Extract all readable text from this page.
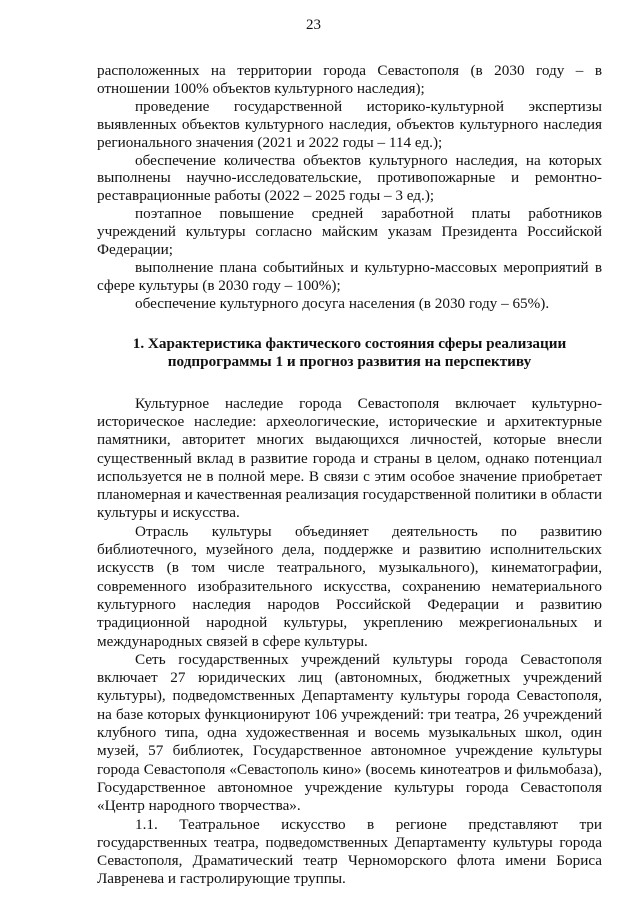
23

расположенных на территории города Севастополя (в 2030 году – в отношении 100% объектов культурного наследия);

проведение государственной историко-культурной экспертизы выявленных объектов культурного наследия, объектов культурного наследия регионального значения (2021 и 2022 годы – 114 ед.);

обеспечение количества объектов культурного наследия, на которых выполнены научно-исследовательские, противопожарные и ремонтно-реставрационные работы (2022 – 2025 годы – 3 ед.);

поэтапное повышение средней заработной платы работников учреждений культуры согласно майским указам Президента Российской Федерации;

выполнение плана событийных и культурно-массовых мероприятий в сфере культуры (в 2030 году – 100%);

обеспечение культурного досуга населения (в 2030 году – 65%).

1. Характеристика фактического состояния сферы реализации подпрограммы 1 и прогноз развития на перспективу

Культурное наследие города Севастополя включает культурно-историческое наследие: археологические, исторические и архитектурные памятники, авторитет многих выдающихся личностей, которые внесли существенный вклад в развитие города и страны в целом, однако потенциал используется не в полной мере. В связи с этим особое значение приобретает планомерная и качественная реализация государственной политики в области культуры и искусства.

Отрасль культуры объединяет деятельность по развитию библиотечного, музейного дела, поддержке и развитию исполнительских искусств (в том числе театрального, музыкального), кинематографии, современного изобразительного искусства, сохранению нематериального культурного наследия народов Российской Федерации и развитию традиционной народной культуры, укреплению межрегиональных и международных связей в сфере культуры.

Сеть государственных учреждений культуры города Севастополя включает 27 юридических лиц (автономных, бюджетных учреждений культуры), подведомственных Департаменту культуры города Севастополя, на базе которых функционируют 106 учреждений: три театра, 26 учреждений клубного типа, одна художественная и восемь музыкальных школ, один музей, 57 библиотек, Государственное автономное учреждение культуры города Севастополя «Севастополь кино» (восемь кинотеатров и фильмобаза), Государственное автономное учреждение культуры города Севастополя «Центр народного творчества».

1.1. Театральное искусство в регионе представляют три государственных театра, подведомственных Департаменту культуры города Севастополя, Драматический театр Черноморского флота имени Бориса Лавренева и гастролирующие труппы.
